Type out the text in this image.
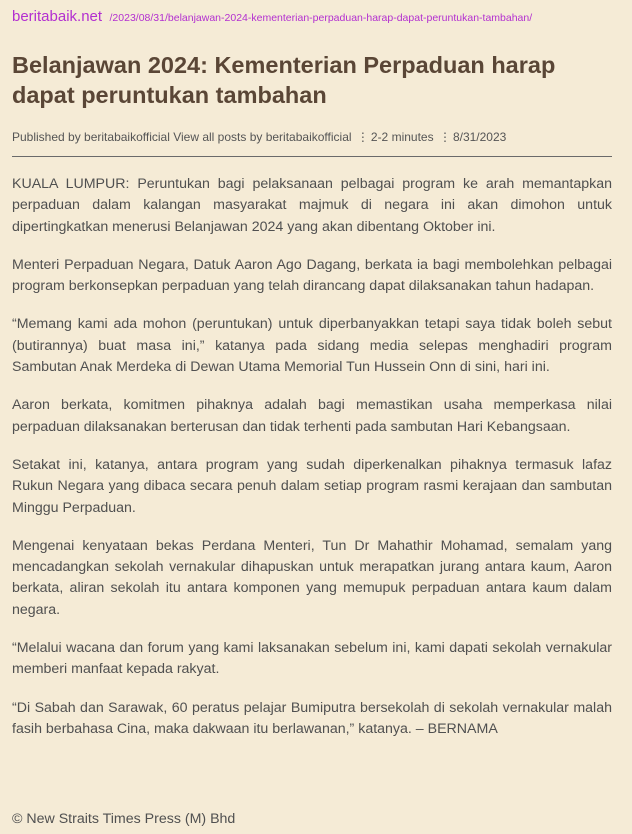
beritabaik.net /2023/08/31/belanjawan-2024-kementerian-perpaduan-harap-dapat-peruntukan-tambahan/
Belanjawan 2024: Kementerian Perpaduan harap dapat peruntukan tambahan
Published by beritabaikofficial View all posts by beritabaikofficial ⋮ 2-2 minutes ⋮ 8/31/2023

KUALA LUMPUR: Peruntukan bagi pelaksanaan pelbagai program ke arah memantapkan perpaduan dalam kalangan masyarakat majmuk di negara ini akan dimohon untuk dipertingkatkan menerusi Belanjawan 2024 yang akan dibentang Oktober ini.

Menteri Perpaduan Negara, Datuk Aaron Ago Dagang, berkata ia bagi membolehkan pelbagai program berkonsepkan perpaduan yang telah dirancang dapat dilaksanakan tahun hadapan.

“Memang kami ada mohon (peruntukan) untuk diperbanyakkan tetapi saya tidak boleh sebut (butirannya) buat masa ini,” katanya pada sidang media selepas menghadiri program Sambutan Anak Merdeka di Dewan Utama Memorial Tun Hussein Onn di sini, hari ini.

Aaron berkata, komitmen pihaknya adalah bagi memastikan usaha memperkasa nilai perpaduan dilaksanakan berterusan dan tidak terhenti pada sambutan Hari Kebangsaan.

Setakat ini, katanya, antara program yang sudah diperkenalkan pihaknya termasuk lafaz Rukun Negara yang dibaca secara penuh dalam setiap program rasmi kerajaan dan sambutan Minggu Perpaduan.

Mengenai kenyataan bekas Perdana Menteri, Tun Dr Mahathir Mohamad, semalam yang mencadangkan sekolah vernakular dihapuskan untuk merapatkan jurang antara kaum, Aaron berkata, aliran sekolah itu antara komponen yang memupuk perpaduan antara kaum dalam negara.

“Melalui wacana dan forum yang kami laksanakan sebelum ini, kami dapati sekolah vernakular memberi manfaat kepada rakyat.

“Di Sabah dan Sarawak, 60 peratus pelajar Bumiputra bersekolah di sekolah vernakular malah fasih berbahasa Cina, maka dakwaan itu berlawanan,” katanya. – BERNAMA

© New Straits Times Press (M) Bhd
